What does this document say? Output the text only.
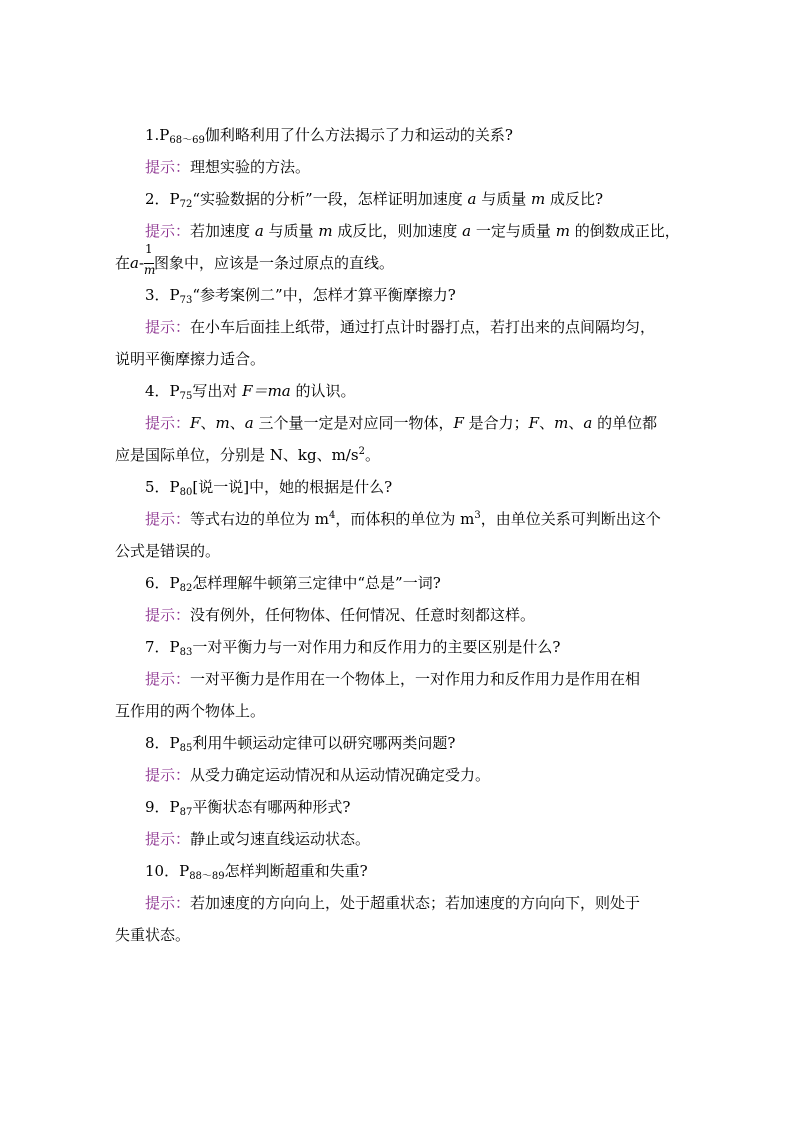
$1.P_{68\sim 69}$伽利略利用了什么方法揭示了力和运动的关系?
提示：理想实验的方法。
2．$P_{72}“$实验数据的分析”一段，怎样证明加速度 a 与质量 m 成反比?
提示：若加速度 a 与质量 m 成反比，则加速度 a 一定与质量 m 的倒数成正比，
在$a- \frac{1}{m}$ 图象中，应该是一条过原点的直线。
3．$P_{73}“$参考案例二”中，怎样才算平衡摩擦力?
提示：在小车后面挂上纸带，通过打点计时器打点，若打出来的点间隔均匀，
说明平衡摩擦力适合。
4．$P_{75}$写出对 F＝ma 的认识。
提示：F、m、a 三个量一定是对应同一物体，F 是合力；F、m、a 的单位都
应是国际单位，分别是 N、kg、$m/s^2$。
5．$P_{80}$[说一说]中，她的根据是什么?
提示：等式右边的单位为 $m^4$，而体积的单位为 $m^3$，由单位关系可判断出这个
公式是错误的。
6．$P_{82}$怎样理解牛顿第三定律中“总是”一词?
提示：没有例外，任何物体、任何情况、任意时刻都这样。
7．$P_{83}$一对平衡力与一对作用力和反作用力的主要区别是什么?
提示：一对平衡力是作用在一个物体上，一对作用力和反作用力是作用在相
互作用的两个物体上。
8．$P_{85}$利用牛顿运动定律可以研究哪两类问题?
提示：从受力确定运动情况和从运动情况确定受力。
9．$P_{87}$平衡状态有哪两种形式?
提示：静止或匀速直线运动状态。
10．$P_{88\sim 89}$怎样判断超重和失重?
提示：若加速度的方向向上，处于超重状态；若加速度的方向向下，则处于
失重状态。
